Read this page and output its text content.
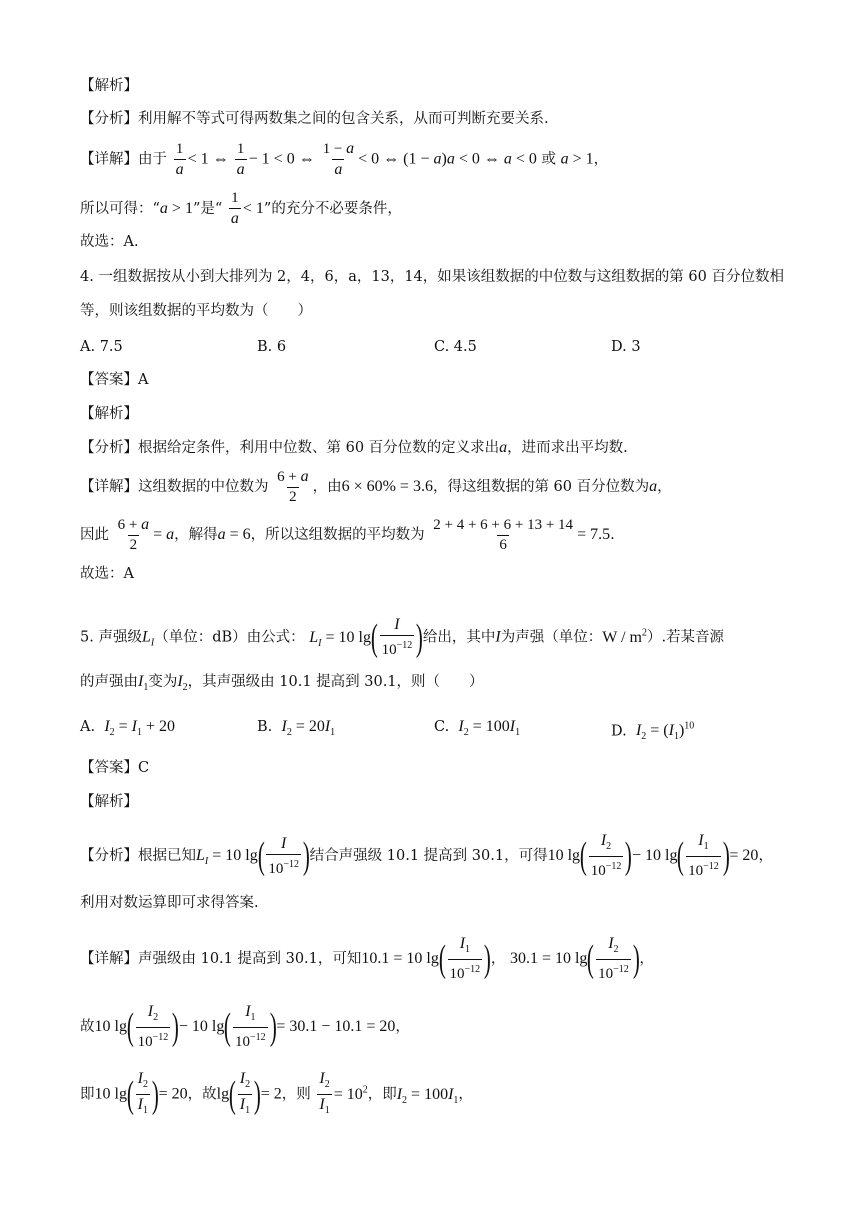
【解析】
【分析】利用解不等式可得两数集之间的包含关系，从而可判断充要关系.
【详解】由于 $\frac{1}{a} < 1$ ⇔ $\frac{1}{a} - 1 < 0$ ⇔ $\frac{1 - a}{a} < 0$ ⇔ (1 − a)a < 0 ⇔ a < 0 或 a > 1，
所以可得：“a > 1”是“ $\frac{1}{a} < 1$”的充分不必要条件，
故选：A.
4. 一组数据按从小到大排列为 2，4，6，a，13，14，如果该组数据的中位数与这组数据的第 60 百分位数相
等，则该组数据的平均数为（　　）
A. 7.5	B. 6	C. 4.5	D. 3
【答案】A
【解析】
【分析】根据给定条件，利用中位数、第 60 百分位数的定义求出a，进而求出平均数.
【详解】这组数据的中位数为 $\frac{6 + a}{2}$ ，由6 × 60% = 3.6，得这组数据的第 60 百分位数为a，
因此 $\frac{6 + a}{2} = a$，解得a = 6，所以这组数据的平均数为 $\frac{2 + 4 + 6 + 6 + 13 + 14}{6} = 7.5$.
故选：A
5. 声强级$L_I$（单位：dB）由公式： $L_I = 10$ $\lg( \frac{I}{10^{-12}}$ )给出，其中I为声强（单位：W / $m^2$）.若某音源
的声强由$I_1$变为$I_2$，其声强级由 10.1 提高到 30.1，则（　　）
A.  $I_2 = I_1 + 20$	B.  $I_2 = 20I_1$	C.  $I_2 = 100I_1$	D.  $I_2 = (I_1)^{10}$
【答案】C
【解析】
【分析】根据已知$L_I = 10$ $\lg( \frac{I}{10^{-12}}$ )结合声强级 10.1 提高到 30.1，可得10 $\lg( \frac{I_2}{10^{-12}}$ )− 10 $\lg( \frac{I_1}{10^{-12}}$ )= 20，
利用对数运算即可求得答案.
【详解】声强级由 10.1 提高到 30.1，可知10.1 = 10 $\lg( \frac{I_1}{10^{-12}}$ )， 30.1 = 10 $\lg( \frac{I_2}{10^{-12}}$ )，
故10 $\lg( \frac{I_2}{10^{-12}}$ )− 10 $\lg( \frac{I_1}{10^{-12}}$ )= 30.1 − 10.1 = 20，
即10 $\lg( \frac{I_2}{I_1}$ )= 20，故$\lg( \frac{I_2}{I_1}$ )= 2，则 $\frac{I_2}{I_1} = 10^2$，即$I_2 = 100I_1$，
